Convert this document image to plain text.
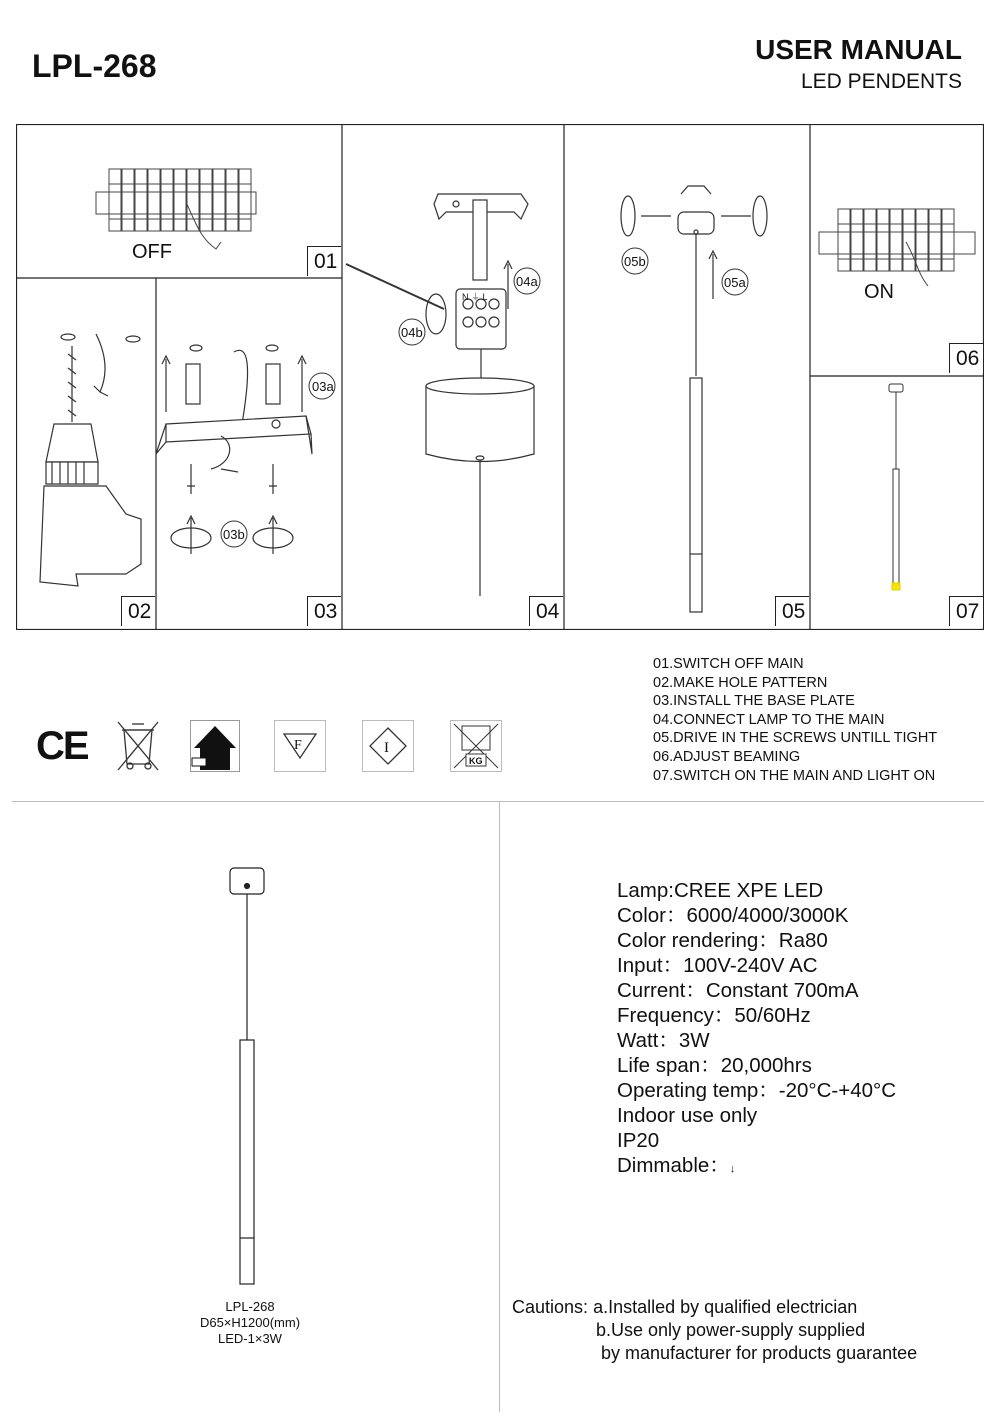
LPL-268	USER MANUAL
LED PENDENTS
OFF
03a
03b
N ⏚ L
04a
04b
05b
05a	ON
01
02	03	04	05
06
07
01.SWITCH OFF MAIN
02.MAKE HOLE PATTERN
03.INSTALL THE BASE PLATE
04.CONNECT LAMP TO THE MAIN
05.DRIVE IN THE SCREWS UNTILL TIGHT
06.ADJUST BEAMING
07.SWITCH ON THE MAIN AND LIGHT ON
CE	F	I
KG
LPL-268
D65×H1200(mm)
LED-1×3W
Lamp:CREE XPE LED
Color：6000/4000/3000K
Color rendering：Ra80
Input：100V-240V AC
Current：Constant 700mA
Frequency：50/60Hz
Watt：3W
Life span：20,000hrs
Operating temp：-20°C-+40°C
Indoor use only
IP20
Dimmable：↓
Cautions: a.Installed by qualified electrician
b.Use only power-supply supplied
by manufacturer for products guarantee
